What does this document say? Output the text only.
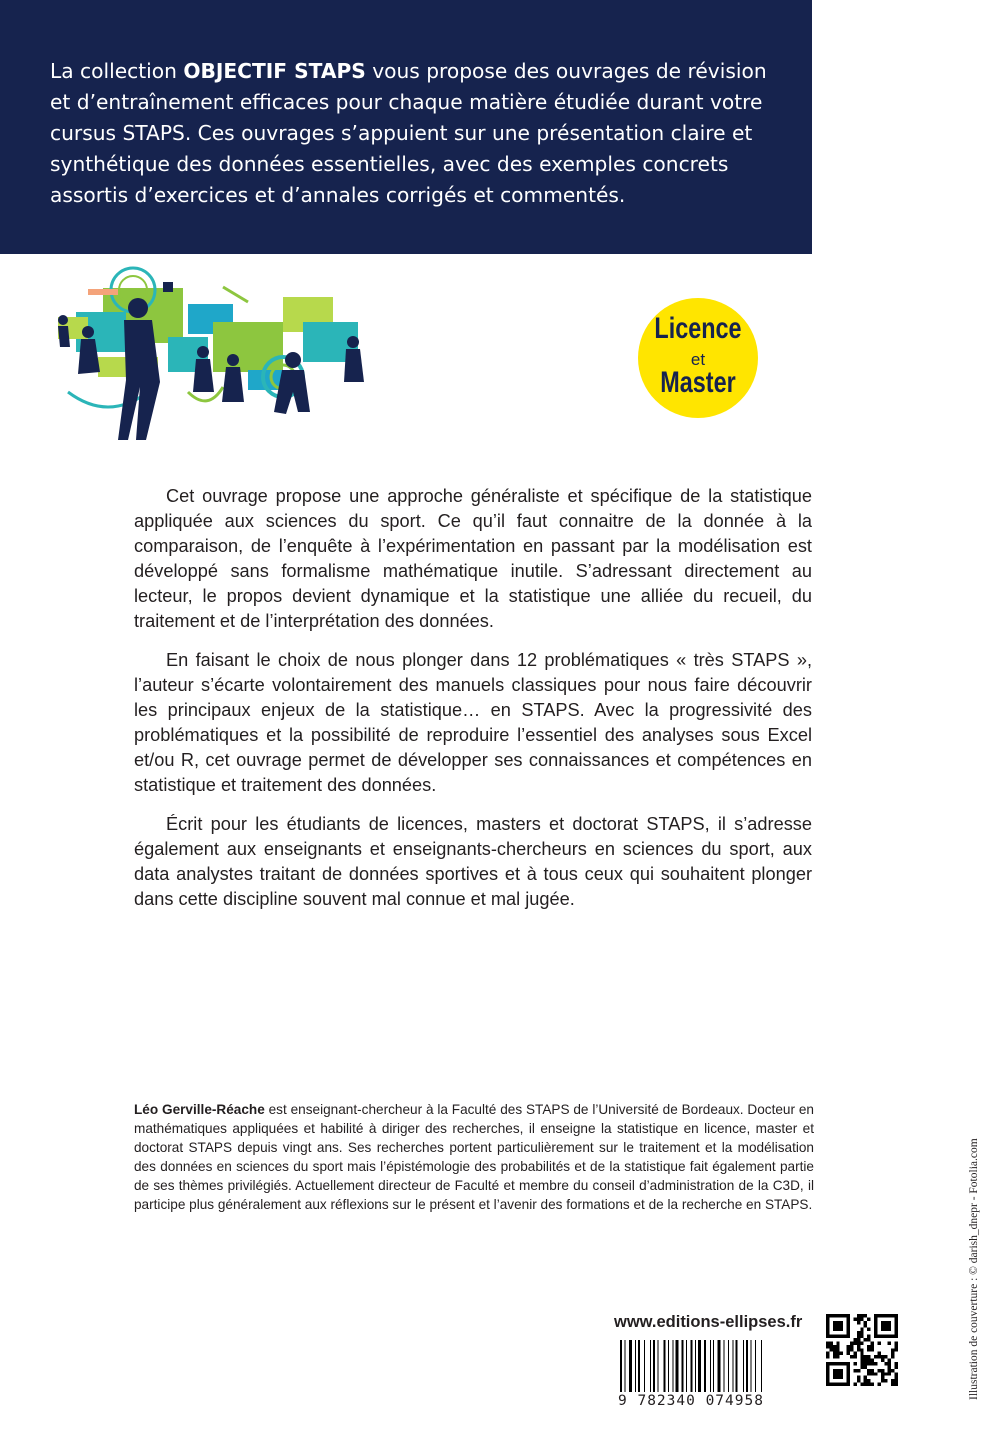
La collection OBJECTIF STAPS vous propose des ouvrages de révision et d’entraînement efficaces pour chaque matière étudiée durant votre cursus STAPS. Ces ouvrages s’appuient sur une présentation claire et synthétique des données essentielles, avec des exemples concrets assortis d’exercices et d’annales corrigés et commentés.

Licence
et
Master

Cet ouvrage propose une approche généraliste et spécifique de la statistique appliquée aux sciences du sport. Ce qu’il faut connaitre de la donnée à la comparaison, de l’enquête à l’expérimentation en passant par la modélisation est développé sans formalisme mathématique inutile. S’adressant directement au lecteur, le propos devient dynamique et la statistique une alliée du recueil, du traitement et de l’interprétation des données.

En faisant le choix de nous plonger dans 12 problématiques « très STAPS », l’auteur s’écarte volontairement des manuels classiques pour nous faire découvrir les principaux enjeux de la statistique… en STAPS. Avec la progressivité des problématiques et la possibilité de reproduire l’essentiel des analyses sous Excel et/ou R, cet ouvrage permet de développer ses connaissances et compétences en statistique et traitement des données.

Écrit pour les étudiants de licences, masters et doctorat STAPS, il s’adresse également aux enseignants et enseignants-chercheurs en sciences du sport, aux data analystes traitant de données sportives et à tous ceux qui souhaitent plonger dans cette discipline souvent mal connue et mal jugée.

Léo Gerville-Réache est enseignant-chercheur à la Faculté des STAPS de l’Université de Bordeaux. Docteur en mathématiques appliquées et habilité à diriger des recherches, il enseigne la statistique en licence, master et doctorat STAPS depuis vingt ans. Ses recherches portent particulièrement sur le traitement et la modélisation des données en sciences du sport mais l’épistémologie des probabilités et de la statistique fait également partie de ses thèmes privilégiés. Actuellement directeur de Faculté et membre du conseil d’administration de la C3D, il participe plus généralement aux réflexions sur le présent et l’avenir des formations et de la recherche en STAPS.	Illustration de couverture : © darish_dnepr - Fotolia.com
www.editions-ellipses.fr
9 782340 074958
